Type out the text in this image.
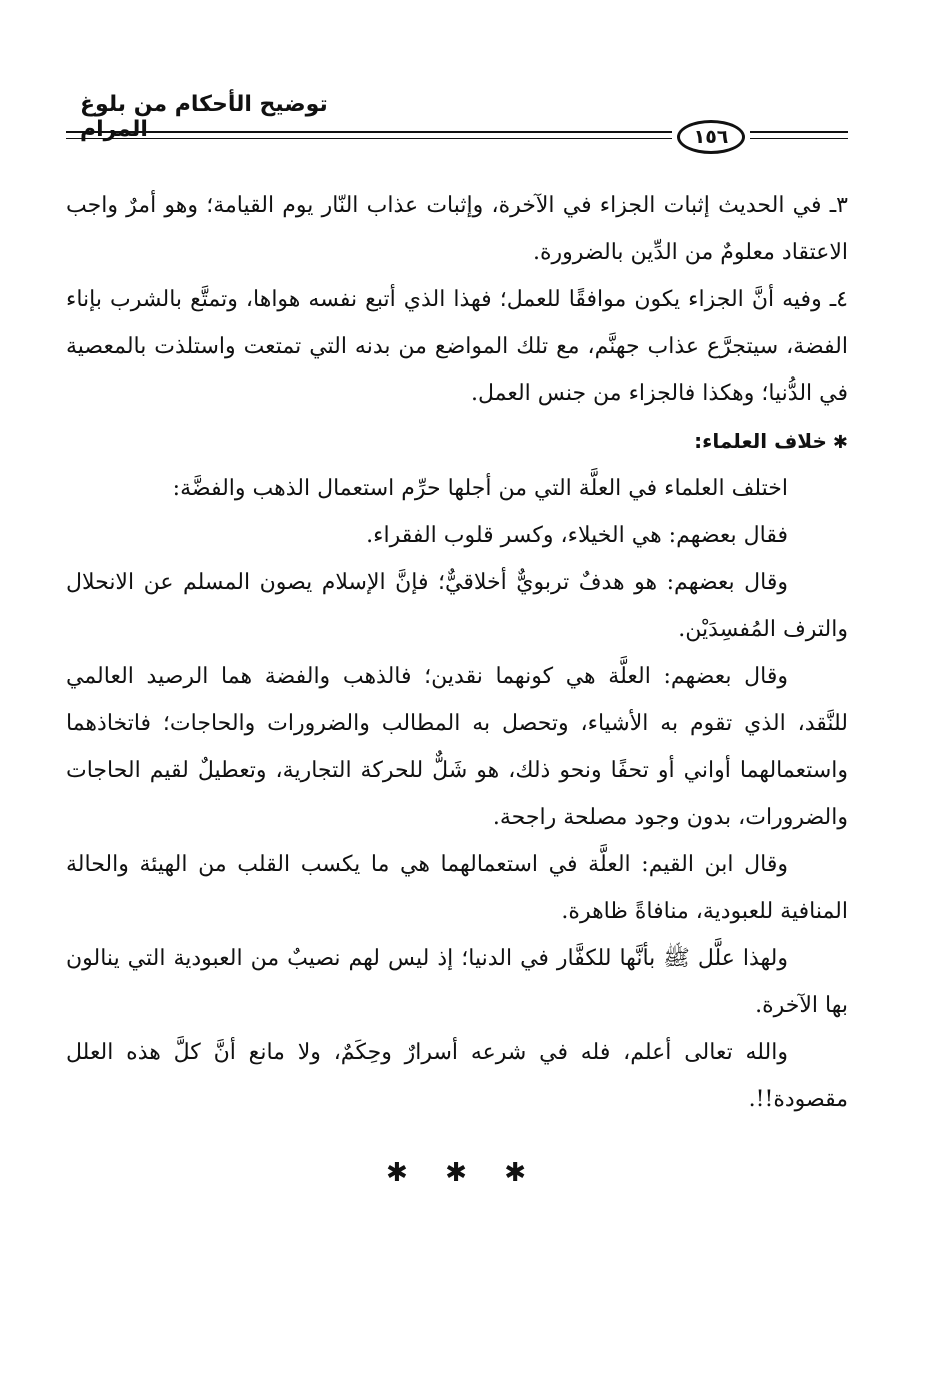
توضيح الأحكام من بلوغ المرام	١٥٦

٣ـ في الحديث إثبات الجزاء في الآخرة، وإثبات عذاب النّار يوم القيامة؛ وهو أمرٌ واجب الاعتقاد معلومٌ من الدِّين بالضرورة.

٤ـ وفيه أنَّ الجزاء يكون موافقًا للعمل؛ فهذا الذي أتبع نفسه هواها، وتمتَّع بالشرب بإناء الفضة، سيتجرَّع عذاب جهنَّم، مع تلك المواضع من بدنه التي تمتعت واستلذت بالمعصية في الدُّنيا؛ وهكذا فالجزاء من جنس العمل.

✱خلاف العلماء:

اختلف العلماء في العلَّة التي من أجلها حرِّم استعمال الذهب والفضَّة:

فقال بعضهم: هي الخيلاء، وكسر قلوب الفقراء.

وقال بعضهم: هو هدفٌ تربويٌّ أخلاقيٌّ؛ فإنَّ الإسلام يصون المسلم عن الانحلال والترف المُفسِدَيْن.

وقال بعضهم: العلَّة هي كونهما نقدين؛ فالذهب والفضة هما الرصيد العالمي للنَّقد، الذي تقوم به الأشياء، وتحصل به المطالب والضرورات والحاجات؛ فاتخاذهما واستعمالهما أواني أو تحفًا ونحو ذلك، هو شَلٌّ للحركة التجارية، وتعطيلٌ لقيم الحاجات والضرورات، بدون وجود مصلحة راجحة.

وقال ابن القيم: العلَّة في استعمالهما هي ما يكسب القلب من الهيئة والحالة المنافية للعبودية، منافاةً ظاهرة.

ولهذا علَّل ﷺ بأنَّها للكفَّار في الدنيا؛ إذ ليس لهم نصيبٌ من العبودية التي ينالون بها الآخرة.

والله تعالى أعلم، فله في شرعه أسرارٌ وحِكَمٌ، ولا مانع أنَّ كلَّ هذه العلل مقصودة!!.

✱ ✱ ✱
